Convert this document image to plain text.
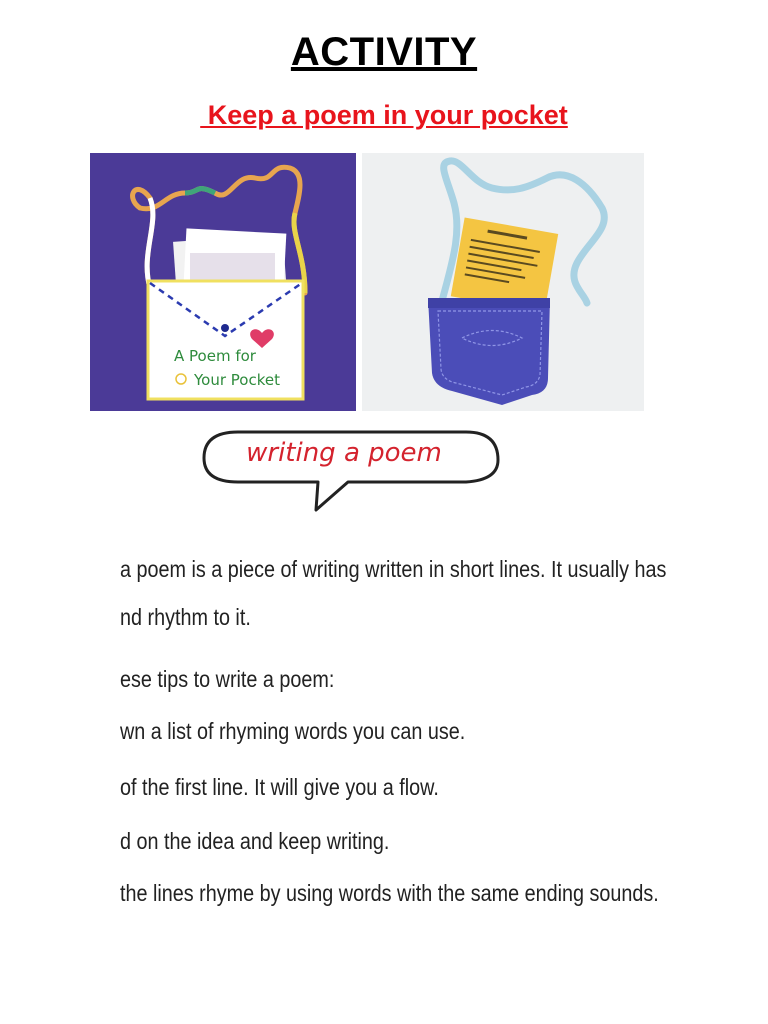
ACTIVITY
Keep a poem in your pocket
A Poem for
Your Pocket
writing a poem
a poem is a piece of writing written in short lines. It usually has
nd rhythm to it.
ese tips to write a poem:
wn a list of rhyming words you can use.
of the first line. It will give you a flow.
d on the idea and keep writing.
the lines rhyme by using words with the same ending sounds.
